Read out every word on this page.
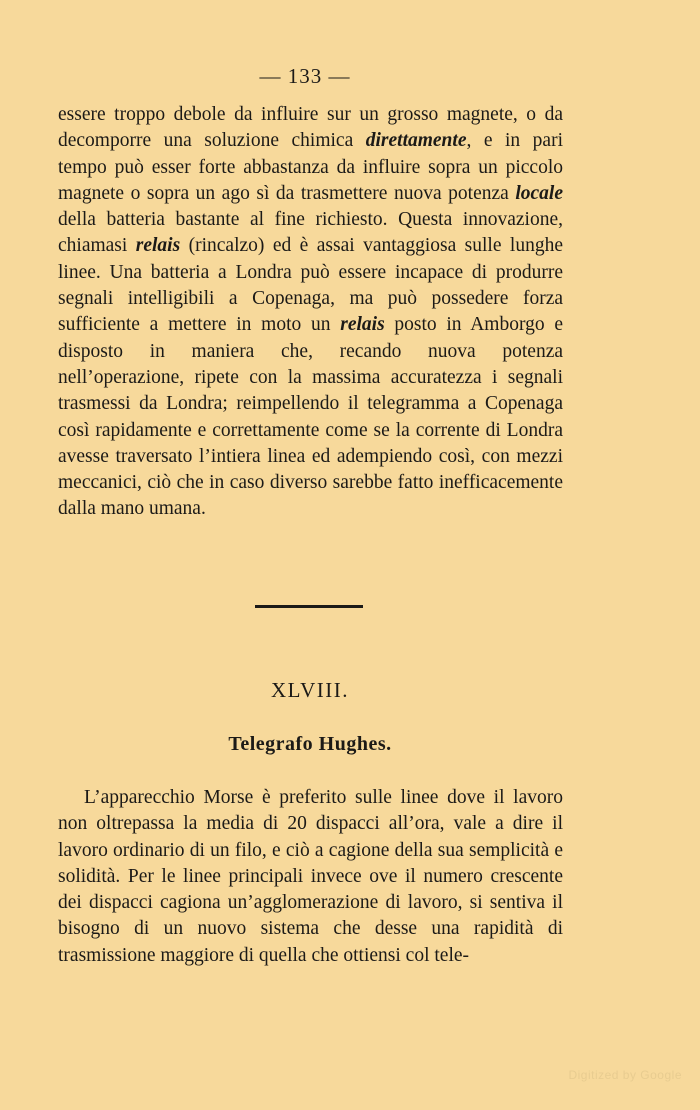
— 133 —
essere troppo debole da influire sur un grosso magnete, o da decomporre una soluzione chimica direttamente, e in pari tempo può esser forte abbastanza da influire sopra un piccolo magnete o sopra un ago sì da trasmettere nuova potenza locale della batteria bastante al fine richiesto. Questa innovazione, chiamasi relais (rincalzo) ed è assai vantaggiosa sulle lunghe linee. Una batteria a Londra può essere incapace di produrre segnali intelligibili a Copenaga, ma può possedere forza sufficiente a mettere in moto un relais posto in Amborgo e disposto in maniera che, recando nuova potenza nell’operazione, ripete con la massima accuratezza i segnali trasmessi da Londra; reimpellendo il telegramma a Copenaga così rapidamente e correttamente come se la corrente di Londra avesse traversato l’intiera linea ed adempiendo così, con mezzi meccanici, ciò che in caso diverso sarebbe fatto inefficacemente dalla mano umana.
XLVIII.
Telegrafo Hughes.
L’apparecchio Morse è preferito sulle linee dove il lavoro non oltrepassa la media di 20 dispacci all’ora, vale a dire il lavoro ordinario di un filo, e ciò a cagione della sua semplicità e solidità. Per le linee principali invece ove il numero crescente dei dispacci cagiona un’agglomerazione di lavoro, si sentiva il bisogno di un nuovo sistema che desse una rapidità di trasmissione maggiore di quella che ottiensi col tele-
Digitized by Google
